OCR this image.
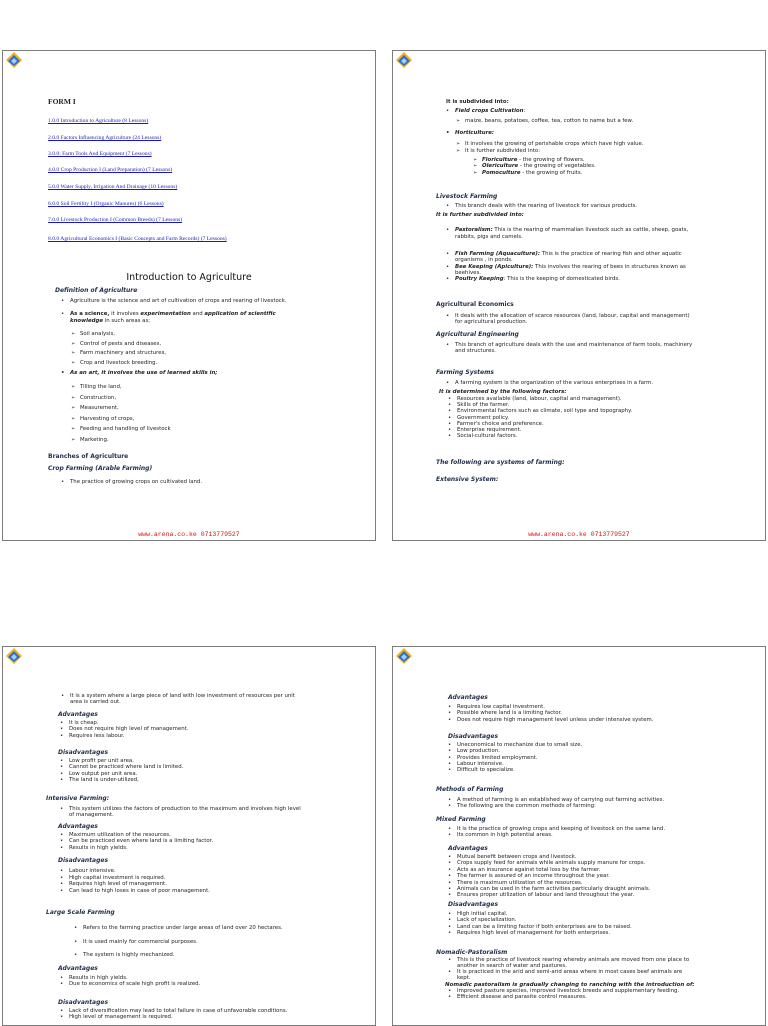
FORM I
1.0.0 Introduction to Agriculture (8 Lessons)
2.0.0 Factors Influencing Agriculture (24 Lessons)
3.0.0: Farm Tools And Equipment (7 Lessons)
4.0.0 Crop Production I (Land Preparation) (7 Lessons)
5.0.0 Water Supply, Irrigation And Drainage (10 Lessons)
6.0.0 Soil Fertility I (Organic Manures) (6 Lessons)
7.0.0 Livestock Production I (Common Breeds) (7 Lessons)
8.0.0 Agricultural Economics I (Basic Concepts and Farm Records) (7 Lessons)
Introduction to Agriculture
Definition of Agriculture
• Agriculture is the science and art of cultivation of crops and rearing of livestock.
• As a science, it involves experimentation and application of scientific
knowledge in such areas as;
➢ Soil analysis,
➢ Control of pests and diseases,
➢ Farm machinery and structures,
➢ Crop and livestock breeding.
• As an art, it involves the use of learned skills in;
➢ Tilling the land,
➢ Construction,
➢ Measurement,
➢ Harvesting of crops,
➢ Feeding and handling of livestock
➢ Marketing.
Branches of Agriculture
Crop Farming (Arable Farming)
• The practice of growing crops on cultivated land.
www.arena.co.ke 0713779527
It is subdivided into:
• Field crops Cultivation:
➢ maize, beans, potatoes, coffee, tea, cotton to name but a few.
• Horticulture:
➢ It involves the growing of perishable crops which have high value.
➢ It is further subdivided into:
➢ Floriculture - the growing of flowers.
➢ Olericulture - the growing of vegetables.
➢ Pomoculture - the growing of fruits.
Livestock Farming
• This branch deals with the rearing of livestock for various products.
It is further subdivided into:
• Pastoralism: This is the rearing of mammalian livestock such as cattle, sheep, goats,
rabbits, pigs and camels.
• Fish Farming (Aquaculture): This is the practice of rearing fish and other aquatic
organisms , in ponds.
• Bee Keeping (Apiculture): This involves the rearing of bees in structures known as
beehives.
• Poultry Keeping: This is the keeping of domesticated birds.
Agricultural Economics
• It deals with the allocation of scarce resources (land, labour, capital and management)
for agricultural production.
Agricultural Engineering
• This branch of agriculture deals with the use and maintenance of farm tools, machinery
and structures.
Farming Systems
• A farming system is the organization of the various enterprises in a farm.
It is determined by the following factors:
• Resources available (land, labour, capital and management).
• Skills of the farmer.
• Environmental factors such as climate, soil type and topography.
• Government policy.
• Farmer's choice and preference.
• Enterprise requirement.
• Social-cultural factors.
The following are systems of farming:
Extensive System:
www.arena.co.ke 0713779527
• It is a system where a large piece of land with low investment of resources per unit
area is carried out.
Advantages
• It is cheap.
• Does not require high level of management.
• Requires less labour.
Disadvantages
• Low profit per unit area.
• Cannot be practiced where land is limited.
• Low output per unit area.
• The land is under-utilized,
Intensive Farming:
• This system utilizes the factors of production to the maximum and involves high level
of management.
Advantages
• Maximum utilization of the resources.
• Can be practiced even where land is a limiting factor.
• Results in high yields.
Disadvantages
• Labour intensive.
• High capital investment is required.
• Requires high level of management.
• Can lead to high loses in case of poor management.
Large Scale Farming
• Refers to the farming practice under large areas of land over 20 hectares.
• It is used mainly for commercial purposes.
• The system is highly mechanized.
Advantages
• Results in high yields.
• Due to economics of scale high profit is realized.
Disadvantages
• Lack of diversification may lead to total failure in case of unfavorable conditions.
• High level of management is required.
Advantages
• Requires low capital investment.
• Possible where land is a limiting factor.
• Does not require high management level unless under intensive system.
Disadvantages
• Uneconomical to mechanize due to small size.
• Low production.
• Provides limited employment.
• Labour intensive.
• Difficult to specialize.
Methods of Farming
• A method of farming is an established way of carrying out farming activities.
• The following are the common methods of farming:
Mixed Farming
• It is the practice of growing crops and keeping of livestock on the same land.
• Its common in high potential areas.
Advantages
• Mutual benefit between crops and livestock.
• Crops supply feed for animals while animals supply manure for crops.
• Acts as an insurance against total loss by the farmer.
• The farmer is assured of an income throughout the year.
• There is maximum utilization of the resources.
• Animals can be used in the farm activities particularly draught animals.
• Ensures proper utilization of labour and land throughout the year.
Disadvantages
• High initial capital.
• Lack of specialization.
• Land can be a limiting factor if both enterprises are to be raised.
• Requires high level of management for both enterprises.
Nomadic-Pastoralism
• This is the practice of livestock rearing whereby animals are moved from one place to
another in search of water and pastures.
• It is practiced in the arid and semi-arid areas where in most cases beef animals are
kept.
Nomadic pastoralism is gradually changing to ranching with the introduction of:
• Improved pasture species, improved livestock breeds and supplementary feeding.
• Efficient disease and parasite control measures.
